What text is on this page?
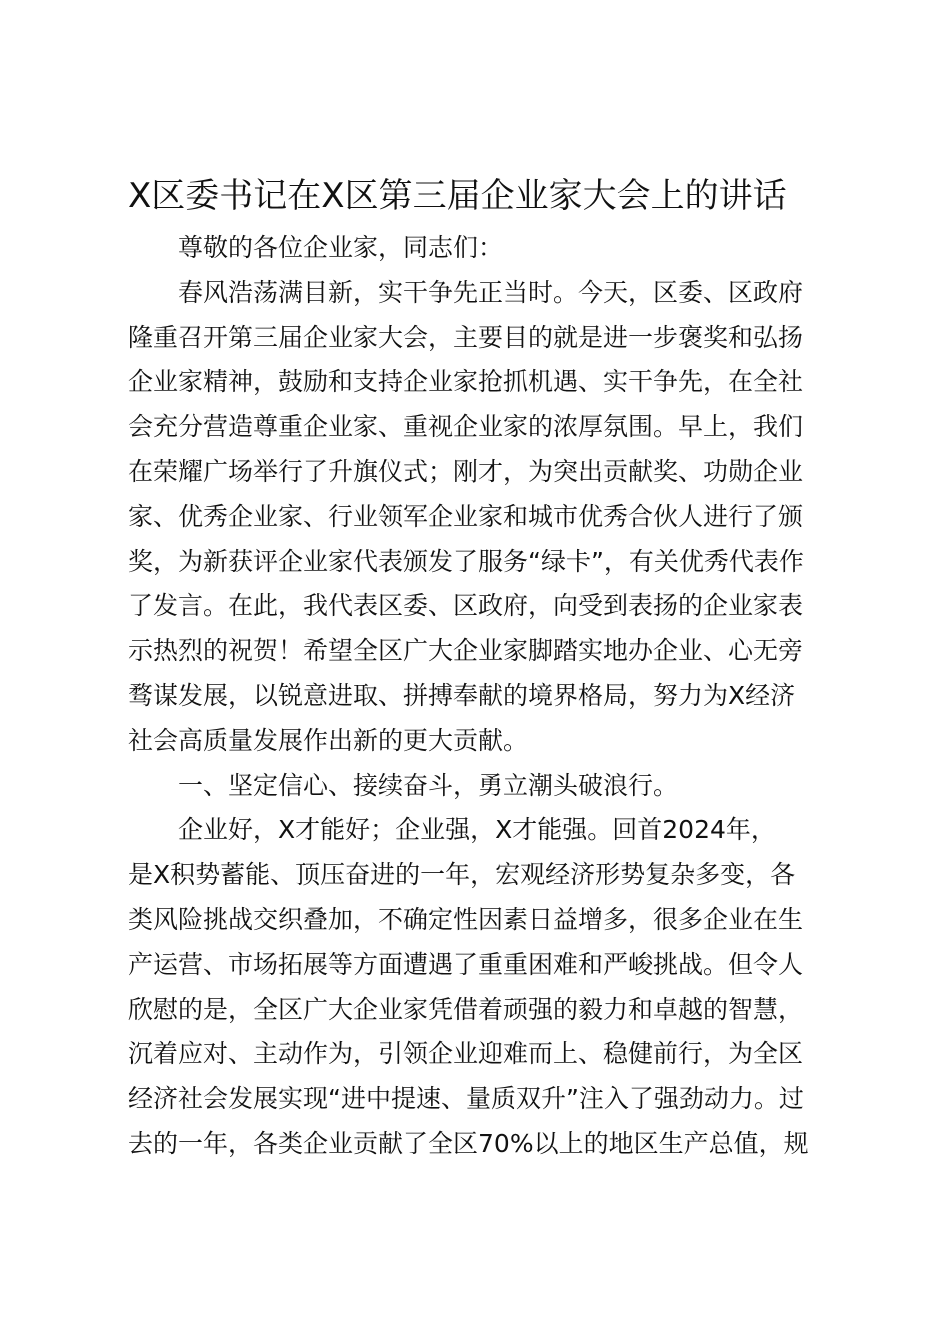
X区委书记在X区第三届企业家大会上的讲话
尊敬的各位企业家，同志们：
春风浩荡满目新，实干争先正当时。今天，区委、区政府
隆重召开第三届企业家大会，主要目的就是进一步褒奖和弘扬
企业家精神，鼓励和支持企业家抢抓机遇、实干争先，在全社
会充分营造尊重企业家、重视企业家的浓厚氛围。早上，我们
在荣耀广场举行了升旗仪式；刚才，为突出贡献奖、功勋企业
家、优秀企业家、行业领军企业家和城市优秀合伙人进行了颁
奖，为新获评企业家代表颁发了服务“绿卡”，有关优秀代表作
了发言。在此，我代表区委、区政府，向受到表扬的企业家表
示热烈的祝贺！希望全区广大企业家脚踏实地办企业、心无旁
骛谋发展，以锐意进取、拼搏奉献的境界格局，努力为X经济
社会高质量发展作出新的更大贡献。
一、坚定信心、接续奋斗，勇立潮头破浪行。
企业好，X才能好；企业强，X才能强。回首2024年，
是X积势蓄能、顶压奋进的一年，宏观经济形势复杂多变，各
类风险挑战交织叠加，不确定性因素日益增多，很多企业在生
产运营、市场拓展等方面遭遇了重重困难和严峻挑战。但令人
欣慰的是，全区广大企业家凭借着顽强的毅力和卓越的智慧，
沉着应对、主动作为，引领企业迎难而上、稳健前行，为全区
经济社会发展实现“进中提速、量质双升”注入了强劲动力。过
去的一年，各类企业贡献了全区70%以上的地区生产总值，规
